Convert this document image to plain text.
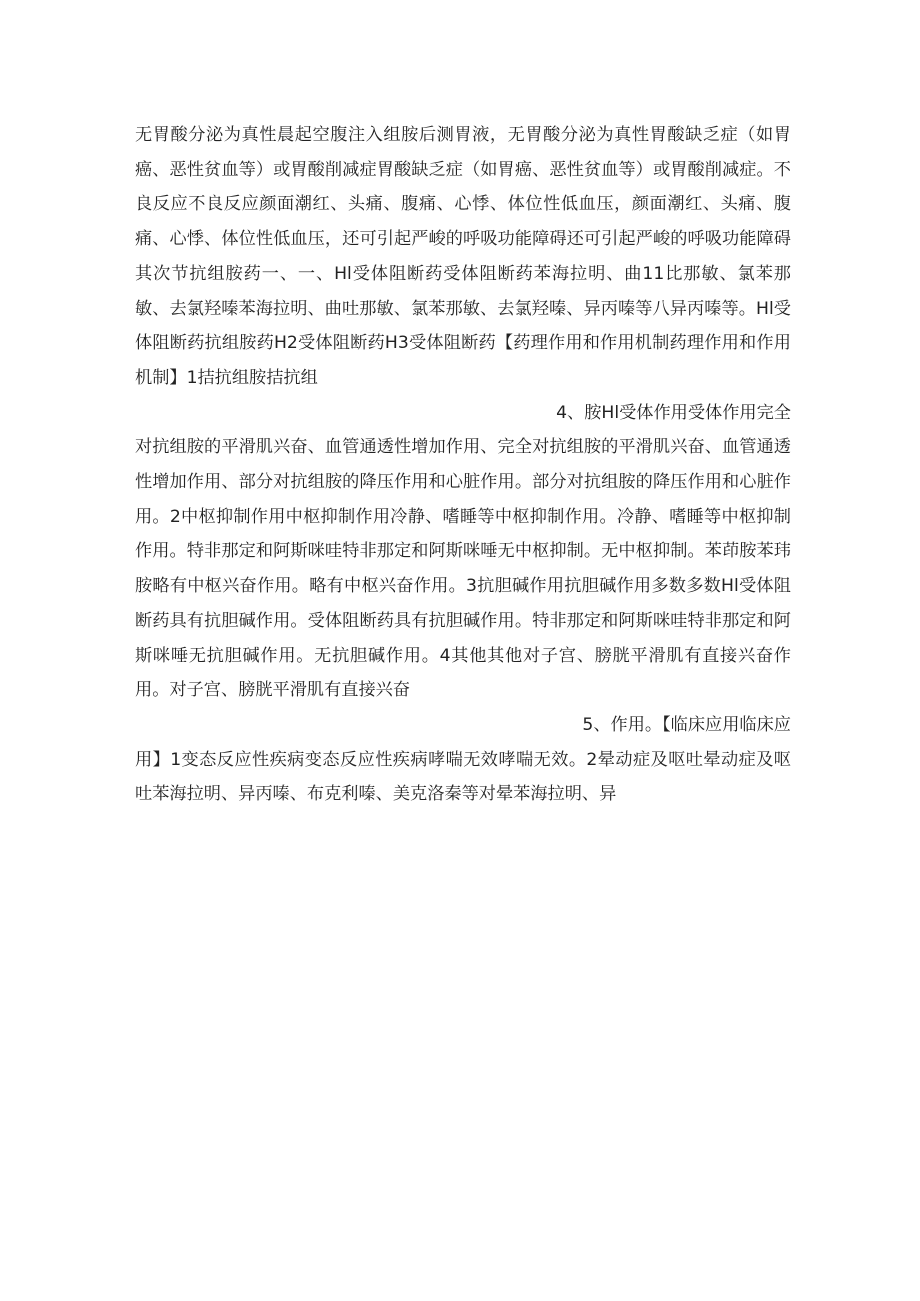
无胃酸分泌为真性晨起空腹注入组胺后测胃液，无胃酸分泌为真性胃酸缺乏症（如胃癌、恶性贫血等）或胃酸削减症胃酸缺乏症（如胃癌、恶性贫血等）或胃酸削减症。不良反应不良反应颜面潮红、头痛、腹痛、心悸、体位性低血压，颜面潮红、头痛、腹痛、心悸、体位性低血压，还可引起严峻的呼吸功能障碍还可引起严峻的呼吸功能障碍其次节抗组胺药一、一、Hl受体阻断药受体阻断药苯海拉明、曲11比那敏、氯苯那敏、去氯羟嗪苯海拉明、曲吐那敏、氯苯那敏、去氯羟嗪、异丙嗪等八异丙嗪等。Hl受体阻断药抗组胺药H2受体阻断药H3受体阻断药【药理作用和作用机制药理作用和作用机制】1拮抗组胺拮抗组

4、胺Hl受体作用受体作用完全

对抗组胺的平滑肌兴奋、血管通透性增加作用、完全对抗组胺的平滑肌兴奋、血管通透性增加作用、部分对抗组胺的降压作用和心脏作用。部分对抗组胺的降压作用和心脏作用。2中枢抑制作用中枢抑制作用冷静、嗜睡等中枢抑制作用。冷静、嗜睡等中枢抑制作用。特非那定和阿斯咪哇特非那定和阿斯咪唾无中枢抑制。无中枢抑制。苯茚胺苯玮胺略有中枢兴奋作用。略有中枢兴奋作用。3抗胆碱作用抗胆碱作用多数多数Hl受体阻断药具有抗胆碱作用。受体阻断药具有抗胆碱作用。特非那定和阿斯咪哇特非那定和阿斯咪唾无抗胆碱作用。无抗胆碱作用。4其他其他对子宫、膀胱平滑肌有直接兴奋作用。对子宫、膀胱平滑肌有直接兴奋

5、作用。【临床应用临床应

用】1变态反应性疾病变态反应性疾病哮喘无效哮喘无效。2晕动症及呕吐晕动症及呕吐苯海拉明、异丙嗪、布克利嗪、美克洛秦等对晕苯海拉明、异
